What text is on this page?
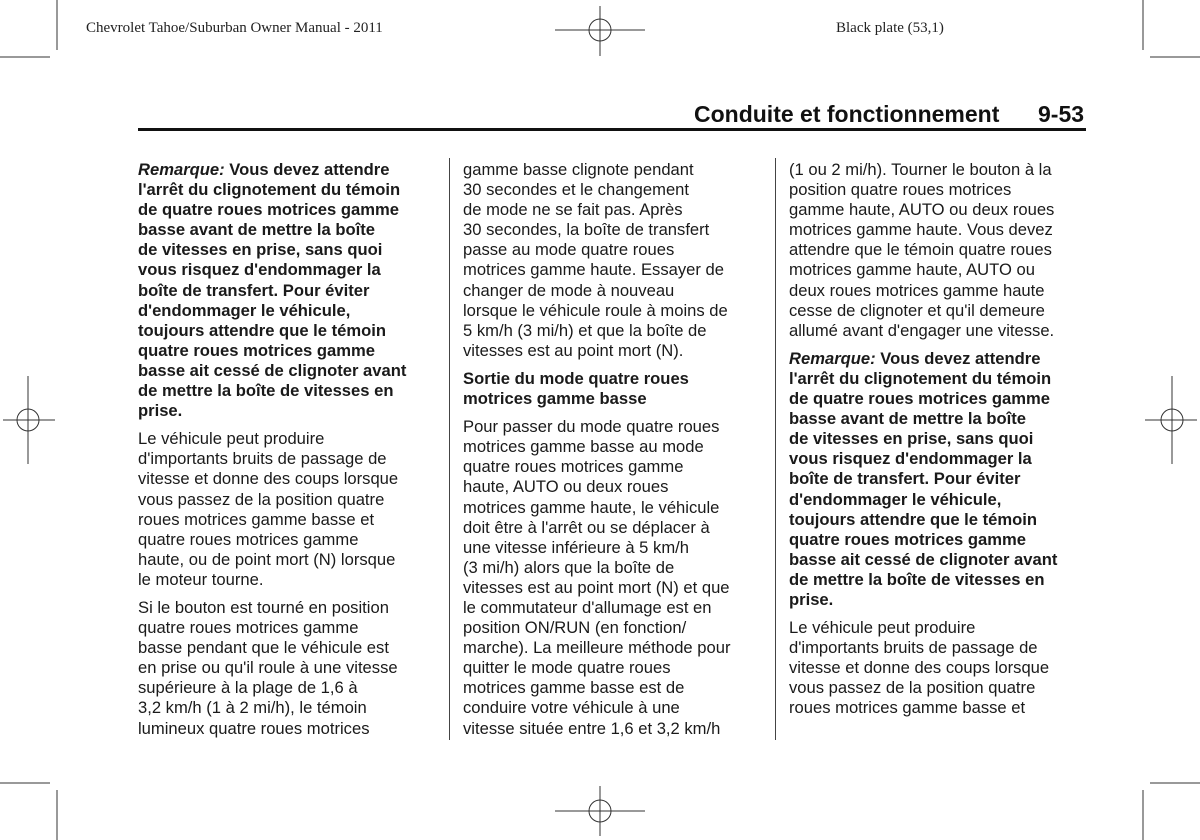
Chevrolet Tahoe/Suburban Owner Manual - 2011	Black plate (53,1)
Conduite et fonctionnement 9-53

Remarque: Vous devez attendre
l'arrêt du clignotement du témoin
de quatre roues motrices gamme
basse avant de mettre la boîte
de vitesses en prise, sans quoi
vous risquez d'endommager la
boîte de transfert. Pour éviter
d'endommager le véhicule,
toujours attendre que le témoin
quatre roues motrices gamme
basse ait cessé de clignoter avant
de mettre la boîte de vitesses en
prise.

Le véhicule peut produire
d'importants bruits de passage de
vitesse et donne des coups lorsque
vous passez de la position quatre
roues motrices gamme basse et
quatre roues motrices gamme
haute, ou de point mort (N) lorsque
le moteur tourne.

Si le bouton est tourné en position
quatre roues motrices gamme
basse pendant que le véhicule est
en prise ou qu'il roule à une vitesse
supérieure à la plage de 1,6 à
3,2 km/h (1 à 2 mi/h), le témoin
lumineux quatre roues motrices

gamme basse clignote pendant
30 secondes et le changement
de mode ne se fait pas. Après
30 secondes, la boîte de transfert
passe au mode quatre roues
motrices gamme haute. Essayer de
changer de mode à nouveau
lorsque le véhicule roule à moins de
5 km/h (3 mi/h) et que la boîte de
vitesses est au point mort (N).

Sortie du mode quatre roues
motrices gamme basse

Pour passer du mode quatre roues
motrices gamme basse au mode
quatre roues motrices gamme
haute, AUTO ou deux roues
motrices gamme haute, le véhicule
doit être à l'arrêt ou se déplacer à
une vitesse inférieure à 5 km/h
(3 mi/h) alors que la boîte de
vitesses est au point mort (N) et que
le commutateur d'allumage est en
position ON/RUN (en fonction/
marche). La meilleure méthode pour
quitter le mode quatre roues
motrices gamme basse est de
conduire votre véhicule à une
vitesse située entre 1,6 et 3,2 km/h

(1 ou 2 mi/h). Tourner le bouton à la
position quatre roues motrices
gamme haute, AUTO ou deux roues
motrices gamme haute. Vous devez
attendre que le témoin quatre roues
motrices gamme haute, AUTO ou
deux roues motrices gamme haute
cesse de clignoter et qu'il demeure
allumé avant d'engager une vitesse.

Remarque: Vous devez attendre
l'arrêt du clignotement du témoin
de quatre roues motrices gamme
basse avant de mettre la boîte
de vitesses en prise, sans quoi
vous risquez d'endommager la
boîte de transfert. Pour éviter
d'endommager le véhicule,
toujours attendre que le témoin
quatre roues motrices gamme
basse ait cessé de clignoter avant
de mettre la boîte de vitesses en
prise.

Le véhicule peut produire
d'importants bruits de passage de
vitesse et donne des coups lorsque
vous passez de la position quatre
roues motrices gamme basse et
